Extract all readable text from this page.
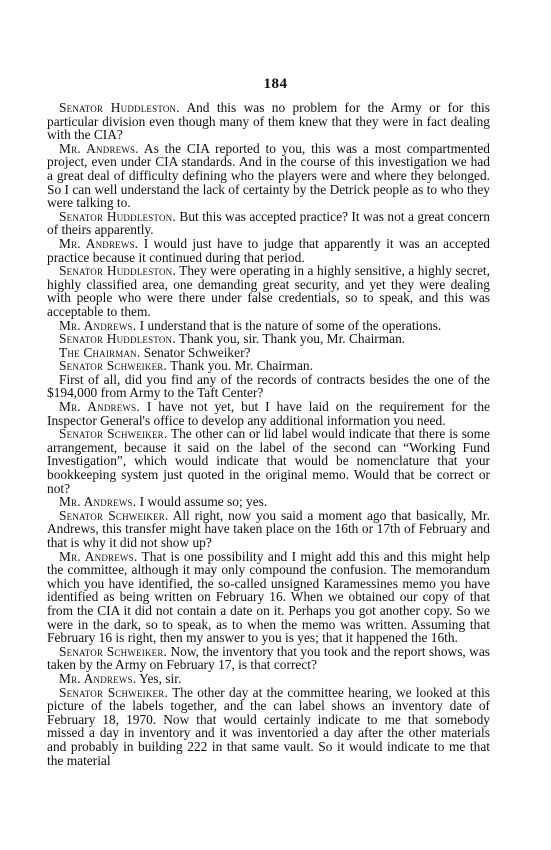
184

Senator Huddleston. And this was no problem for the Army or for this particular division even though many of them knew that they were in fact dealing with the CIA?

Mr. Andrews. As the CIA reported to you, this was a most compartmented project, even under CIA standards. And in the course of this investigation we had a great deal of difficulty defining who the players were and where they belonged. So I can well understand the lack of certainty by the Detrick people as to who they were talking to.

Senator Huddleston. But this was accepted practice? It was not a great concern of theirs apparently.

Mr. Andrews. I would just have to judge that apparently it was an accepted practice because it continued during that period.

Senator Huddleston. They were operating in a highly sensitive, a highly secret, highly classified area, one demanding great security, and yet they were dealing with people who were there under false credentials, so to speak, and this was acceptable to them.

Mr. Andrews. I understand that is the nature of some of the operations.

Senator Huddleston. Thank you, sir. Thank you, Mr. Chairman.

The Chairman. Senator Schweiker?

Senator Schweiker. Thank you. Mr. Chairman.

First of all, did you find any of the records of contracts besides the one of the $194,000 from Army to the Taft Center?

Mr. Andrews. I have not yet, but I have laid on the requirement for the Inspector General's office to develop any additional information you need.

Senator Schweiker. The other can or lid label would indicate that there is some arrangement, because it said on the label of the second can “Working Fund Investigation”, which would indicate that would be nomenclature that your bookkeeping system just quoted in the original memo. Would that be correct or not?

Mr. Andrews. I would assume so; yes.

Senator Schweiker. All right, now you said a moment ago that basically, Mr. Andrews, this transfer might have taken place on the 16th or 17th of February and that is why it did not show up?

Mr. Andrews. That is one possibility and I might add this and this might help the committee, although it may only compound the confusion. The memorandum which you have identified, the so-called unsigned Karamessines memo you have identified as being written on February 16. When we obtained our copy of that from the CIA it did not contain a date on it. Perhaps you got another copy. So we were in the dark, so to speak, as to when the memo was written. Assuming that February 16 is right, then my answer to you is yes; that it happened the 16th.

Senator Schweiker. Now, the inventory that you took and the report shows, was taken by the Army on February 17, is that correct?

Mr. Andrews. Yes, sir.

Senator Schweiker. The other day at the committee hearing, we looked at this picture of the labels together, and the can label shows an inventory date of February 18, 1970. Now that would certainly indicate to me that somebody missed a day in inventory and it was inventoried a day after the other materials and probably in building 222 in that same vault. So it would indicate to me that the material
